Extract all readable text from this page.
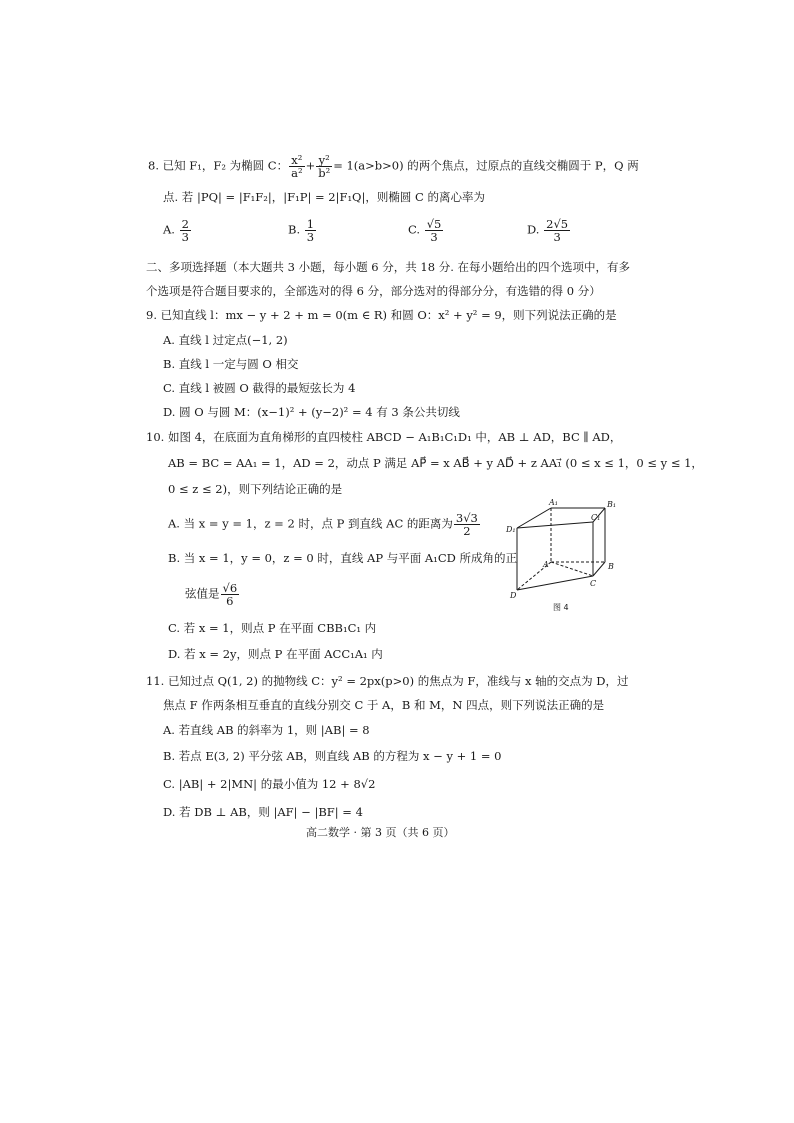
8. 已知 F₁，F₂ 为椭圆 C： $\frac{\text{x²}}{\text{a²}} + \frac{\text{y²}}{\text{b²}} = 1(a>b>0)$ 的两个焦点，过原点的直线交椭圆于 P，Q 两
点. 若 |PQ| = |F₁F₂|，|F₁P| = 2|F₁Q|，则椭圆 C 的离心率为
A. $\frac{2}{3}$	B. $\frac{1}{3}$	C. $\frac{√5}{3}$	D. $\frac{2√5}{3}$
二、多项选择题（本大题共 3 小题，每小题 6 分，共 18 分. 在每小题给出的四个选项中，有多
个选项是符合题目要求的，全部选对的得 6 分，部分选对的得部分分，有选错的得 0 分）
9. 已知直线 l：mx − y + 2 + m = 0(m ∈ R) 和圆 O：x² + y² = 9，则下列说法正确的是
A. 直线 l 过定点(−1, 2)
B. 直线 l 一定与圆 O 相交
C. 直线 l 被圆 O 截得的最短弦长为 4
D. 圆 O 与圆 M：(x−1)² + (y−2)² = 4 有 3 条公共切线
10. 如图 4，在底面为直角梯形的直四棱柱 ABCD − A₁B₁C₁D₁ 中，AB ⊥ AD，BC ∥ AD，
AB = BC = AA₁ = 1，AD = 2，动点 P 满足 AP⃗ = x AB⃗ + y AD⃗ + z AA₁⃗ (0 ≤ x ≤ 1，0 ≤ y ≤ 1，
0 ≤ z ≤ 2)，则下列结论正确的是
A. 当 x = y = 1，z = 2 时，点 P 到直线 AC 的距离为 $\frac{3√3}{2}$
B. 当 x = 1，y = 0，z = 0 时，直线 AP 与平面 A₁CD 所成角的正
弦值是 $\frac{√6}{6}$
C. 若 x = 1，则点 P 在平面 CBB₁C₁ 内
D. 若 x = 2y，则点 P 在平面 ACC₁A₁ 内
A₁	B₁
C₁
D₁
A	B
C
D
图 4
11. 已知过点 Q(1, 2) 的抛物线 C：y² = 2px(p>0) 的焦点为 F，准线与 x 轴的交点为 D，过
焦点 F 作两条相互垂直的直线分别交 C 于 A，B 和 M，N 四点，则下列说法正确的是
A. 若直线 AB 的斜率为 1，则 |AB| = 8
B. 若点 E(3, 2) 平分弦 AB，则直线 AB 的方程为 x − y + 1 = 0
C. |AB| + 2|MN| 的最小值为 12 + 8√2
D. 若 DB ⊥ AB，则 |AF| − |BF| = 4
高二数学 · 第 3 页（共 6 页）
